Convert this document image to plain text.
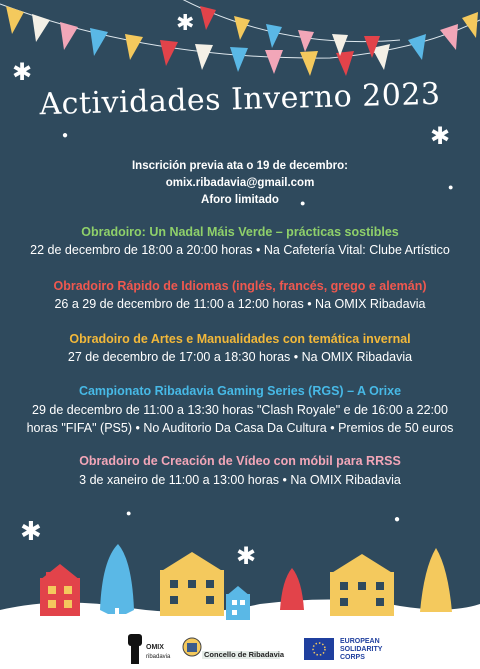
✱
✱
✱
●
●
●
✱
✱
●
●
Actividades Inverno 2023
Inscrición previa ata o 19 de decembro:
omix.ribadavia@gmail.com
Aforo limitado
Obradoiro: Un Nadal Máis Verde – prácticas sostibles
22 de decembro de 18:00 a 20:00 horas • Na Cafetería Vital: Clube Artístico
Obradoiro Rápido de Idiomas (inglés, francés, grego e alemán)
26 a 29 de decembro de 11:00 a 12:00 horas • Na OMIX Ribadavia
Obradoiro de Artes e Manualidades con temática invernal
27 de decembro de 17:00 a 18:30 horas • Na OMIX Ribadavia
Campionato Ribadavia Gaming Series (RGS) – A Orixe
29 de decembro de 11:00 a 13:30 horas "Clash Royale" e de 16:00 a 22:00
horas "FIFA" (PS5) • No Auditorio Da Casa Da Cultura • Premios de 50 euros
Obradoiro de Creación de Vídeo con móbil para RRSS
3 de xaneiro de 11:00 a 13:00 horas • Na OMIX Ribadavia
OMIX
ribadavia	Concello de Ribadavia
EUROPEAN
SOLIDARITY
CORPS
